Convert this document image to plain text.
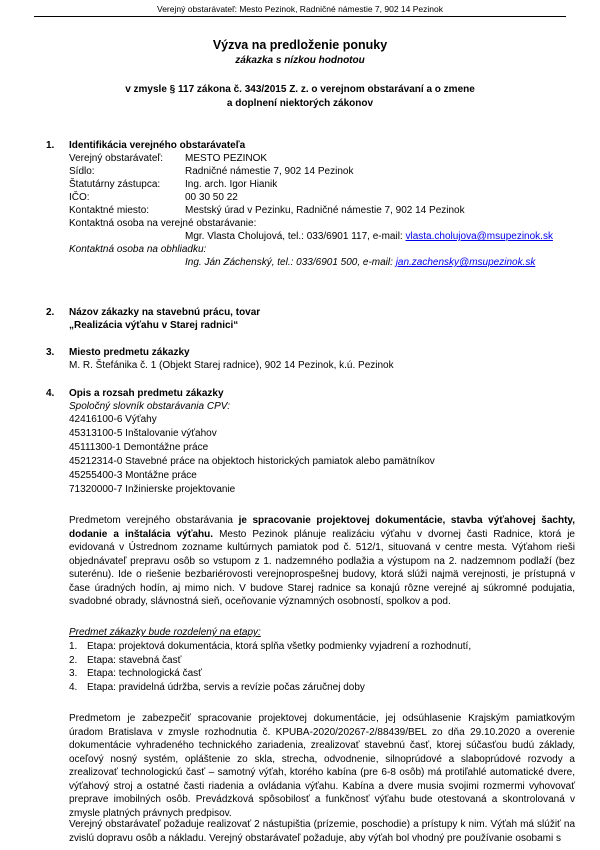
Verejný obstarávateľ: Mesto Pezinok, Radničné námestie 7, 902 14 Pezinok
Výzva na predloženie ponuky
zákazka s nízkou hodnotou
v zmysle § 117 zákona č. 343/2015 Z. z. o verejnom obstarávaní a o zmene
a doplnení niektorých zákonov
1. Identifikácia verejného obstarávateľa
Verejný obstarávateľ: MESTO PEZINOK
Sídlo:	Radničné námestie 7, 902 14 Pezinok
Štatutárny zástupca: Ing. arch. Igor Hianik
IČO:	00 30 50 22
Kontaktné miesto:	Mestský úrad v Pezinku, Radničné námestie 7, 902 14 Pezinok
Kontaktná osoba na verejné obstarávanie:
Mgr. Vlasta Cholujová, tel.: 033/6901 117, e-mail: vlasta.cholujova@msupezinok.sk
Kontaktná osoba na obhliadku:
Ing. Ján Záchenský, tel.: 033/6901 500, e-mail: jan.zachensky@msupezinok.sk
2. Názov zákazky na stavebnú prácu, tovar
„Realizácia výťahu v Starej radnici“
3. Miesto predmetu zákazky
M. R. Štefánika č. 1 (Objekt Starej radnice), 902 14 Pezinok, k.ú. Pezinok
4. Opis a rozsah predmetu zákazky
Spoločný slovník obstarávania CPV:
42416100-6 Výťahy
45313100-5 Inštalovanie výťahov
45111300-1 Demontážne práce
45212314-0 Stavebné práce na objektoch historických pamiatok alebo pamätníkov
45255400-3 Montážne práce
71320000-7 Inžinierske projektovanie
Predmetom verejného obstarávania je spracovanie projektovej dokumentácie, stavba výťahovej šachty, dodanie a inštalácia výťahu. Mesto Pezinok plánuje realizáciu výťahu v dvornej časti Radnice, ktorá je evidovaná v Ústrednom zozname kultúrnych pamiatok pod č. 512/1, situovaná v centre mesta. Výťahom rieši objednávateľ prepravu osôb so vstupom z 1. nadzemného podlažia a výstupom na 2. nadzemnom podlaží (bez suterénu). Ide o riešenie bezbariérovosti verejnoprospešnej budovy, ktorá slúži najmä verejnosti, je prístupná v čase úradných hodín, aj mimo nich. V budove Starej radnice sa konajú rôzne verejné aj súkromné podujatia, svadobné obrady, slávnostná sieň, oceňovanie významných osobností, spolkov a pod.
Predmet zákazky bude rozdelený na etapy:
1. Etapa: projektová dokumentácia, ktorá splňa všetky podmienky vyjadrení a rozhodnutí,
2. Etapa: stavebná časť
3. Etapa: technologická časť
4. Etapa: pravidelná údržba, servis a revízie počas záručnej doby
Predmetom je zabezpečiť spracovanie projektovej dokumentácie, jej odsúhlasenie Krajským pamiatkovým úradom Bratislava v zmysle rozhodnutia č. KPUBA-2020/20267-2/88439/BEL zo dňa 29.10.2020 a overenie dokumentácie vyhradeného technického zariadenia, zrealizovať stavebnú časť, ktorej súčasťou budú základy, oceľový nosný systém, opláštenie zo skla, strecha, odvodnenie, silnoprúdové a slaboprúdové rozvody a zrealizovať technologickú časť – samotný výťah, ktorého kabína (pre 6-8 osôb) má protiľahlé automatické dvere, výťahový stroj a ostatné časti riadenia a ovládania výťahu. Kabína a dvere musia svojimi rozmermi vyhovovať preprave imobilných osôb. Prevádzková spôsobilosť a funkčnosť výťahu bude otestovaná a skontrolovaná v zmysle platných právnych predpisov.
Verejný obstarávateľ požaduje realizovať 2 nástupištia (prízemie, poschodie) a prístupy k nim. Výťah má slúžiť na zvislú dopravu osôb a nákladu. Verejný obstarávateľ požaduje, aby výťah bol vhodný pre používanie osobami s
